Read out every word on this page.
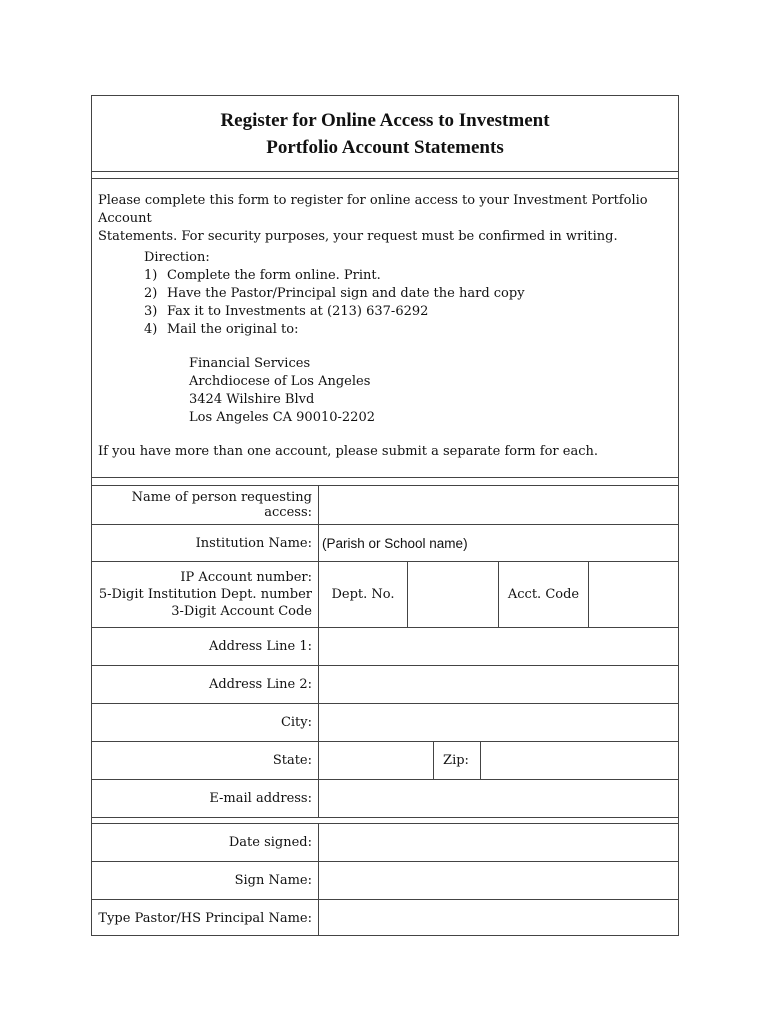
Register for Online Access to Investment
Portfolio Account Statements
Please complete this form to register for online access to your Investment Portfolio Account
Statements. For security purposes, your request must be confirmed in writing.
Direction:
1) Complete the form online. Print.
2) Have the Pastor/Principal sign and date the hard copy
3) Fax it to Investments at (213) 637-6292
4) Mail the original to:
Financial Services
Archdiocese of Los Angeles
3424 Wilshire Blvd
Los Angeles CA 90010-2202
If you have more than one account, please submit a separate form for each.
Name of person requesting access:
Institution Name: (Parish or School name)
IP Account number:
5-Digit Institution Dept. number
3-Digit Account Code
Dept. No.	Acct. Code
Address Line 1:
Address Line 2:
City:
State:	Zip:
E-mail address:
Date signed:
Sign Name:
Type Pastor/HS Principal Name:
